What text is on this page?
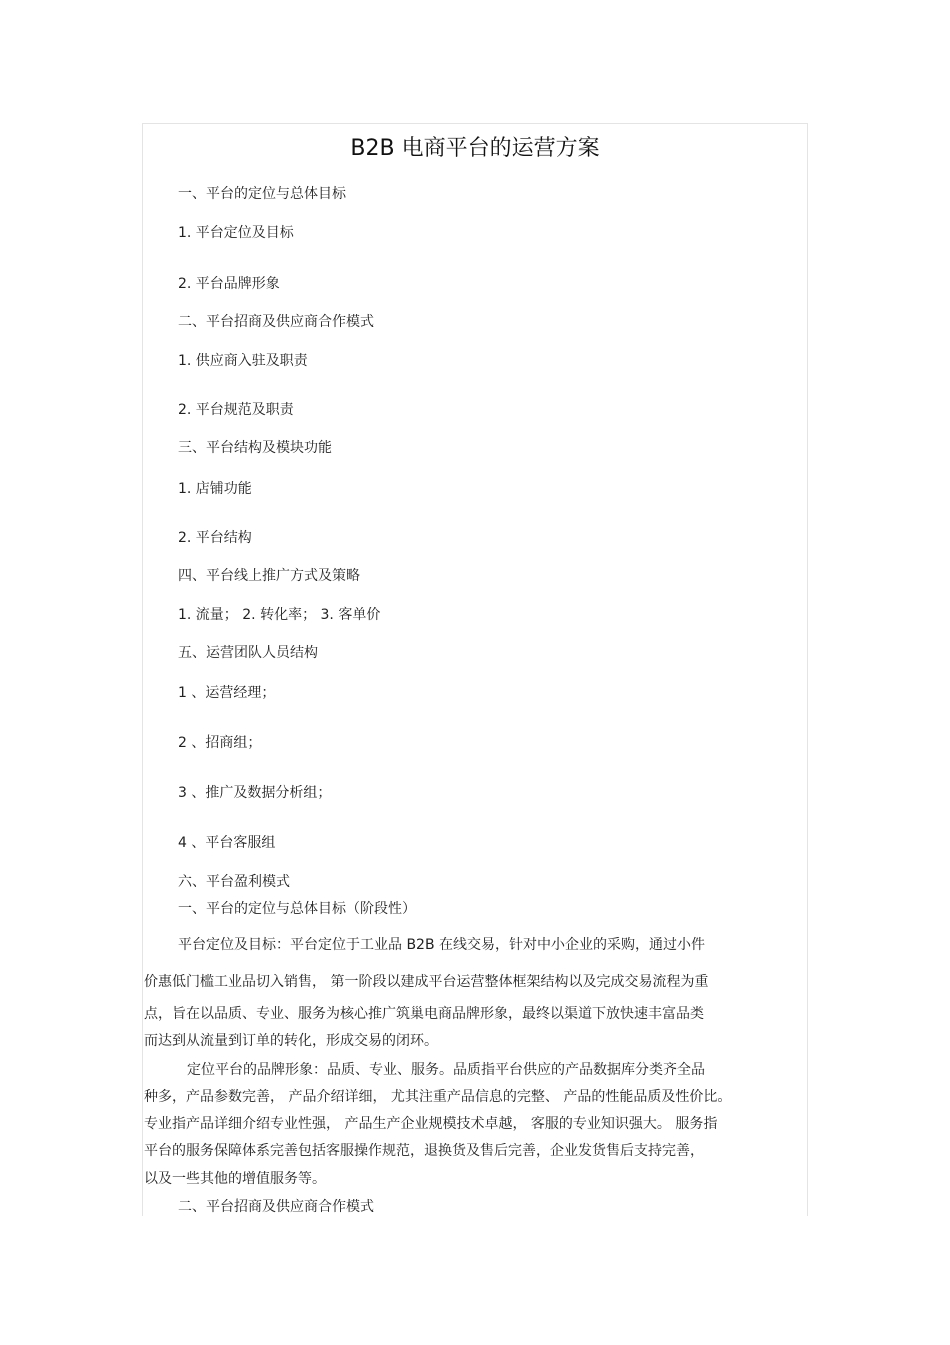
B2B 电商平台的运营方案
一、平台的定位与总体目标
1. 平台定位及目标
2. 平台品牌形象
二、平台招商及供应商合作模式
1. 供应商入驻及职责
2. 平台规范及职责
三、平台结构及模块功能
1. 店铺功能
2. 平台结构
四、平台线上推广方式及策略
1. 流量； 2. 转化率； 3. 客单价
五、运营团队人员结构
1 、运营经理；
2 、招商组；
3 、推广及数据分析组；
4 、平台客服组
六、平台盈利模式
一、平台的定位与总体目标（阶段性）
平台定位及目标：平台定位于工业品 B2B 在线交易，针对中小企业的采购，通过小件
价惠低门槛工业品切入销售， 第一阶段以建成平台运营整体框架结构以及完成交易流程为重
点，旨在以品质、专业、服务为核心推广筑巢电商品牌形象，最终以渠道下放快速丰富品类
而达到从流量到订单的转化，形成交易的闭环。
定位平台的品牌形象：品质、专业、服务。品质指平台供应的产品数据库分类齐全品
种多，产品参数完善， 产品介绍详细， 尤其注重产品信息的完整、 产品的性能品质及性价比。
专业指产品详细介绍专业性强， 产品生产企业规模技术卓越， 客服的专业知识强大。 服务指
平台的服务保障体系完善包括客服操作规范，退换货及售后完善，企业发货售后支持完善，
以及一些其他的增值服务等。
二、平台招商及供应商合作模式
